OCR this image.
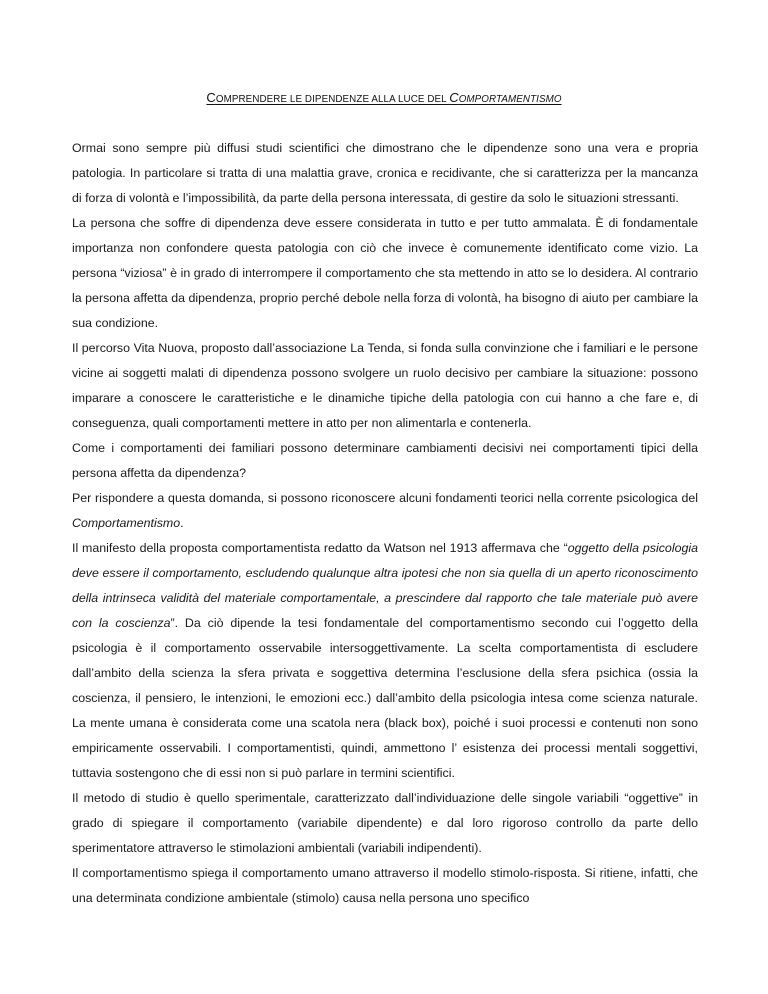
COMPRENDERE LE DIPENDENZE ALLA LUCE DEL COMPORTAMENTISMO

Ormai sono sempre più diffusi studi scientifici che dimostrano che le dipendenze sono una vera e propria patologia. In particolare si tratta di una malattia grave, cronica e recidivante, che si caratterizza per la mancanza di forza di volontà e l’impossibilità, da parte della persona interessata, di gestire da solo le situazioni stressanti.

La persona che soffre di dipendenza deve essere considerata in tutto e per tutto ammalata. È di fondamentale importanza non confondere questa patologia con ciò che invece è comunemente identificato come vizio. La persona “viziosa” è in grado di interrompere il comportamento che sta mettendo in atto se lo desidera. Al contrario la persona affetta da dipendenza, proprio perché debole nella forza di volontà, ha bisogno di aiuto per cambiare la sua condizione.

Il percorso Vita Nuova, proposto dall’associazione La Tenda, si fonda sulla convinzione che i familiari e le persone vicine ai soggetti malati di dipendenza possono svolgere un ruolo decisivo per cambiare la situazione: possono imparare a conoscere le caratteristiche e le dinamiche tipiche della patologia con cui hanno a che fare e, di conseguenza, quali comportamenti mettere in atto per non alimentarla e contenerla.

Come i comportamenti dei familiari possono determinare cambiamenti decisivi nei comportamenti tipici della persona affetta da dipendenza?

Per rispondere a questa domanda, si possono riconoscere alcuni fondamenti teorici nella corrente psicologica del Comportamentismo.

Il manifesto della proposta comportamentista redatto da Watson nel 1913 affermava che “oggetto della psicologia deve essere il comportamento, escludendo qualunque altra ipotesi che non sia quella di un aperto riconoscimento della intrinseca validità del materiale comportamentale, a prescindere dal rapporto che tale materiale può avere con la coscienza”. Da ciò dipende la tesi fondamentale del comportamentismo secondo cui l’oggetto della psicologia è il comportamento osservabile intersoggettivamente. La scelta comportamentista di escludere dall’ambito della scienza la sfera privata e soggettiva determina l’esclusione della sfera psichica (ossia la coscienza, il pensiero, le intenzioni, le emozioni ecc.) dall’ambito della psicologia intesa come scienza naturale. La mente umana è considerata come una scatola nera (black box), poiché i suoi processi e contenuti non sono empiricamente osservabili. I comportamentisti, quindi, ammettono l’ esistenza dei processi mentali soggettivi, tuttavia sostengono che di essi non si può parlare in termini scientifici.

Il metodo di studio è quello sperimentale, caratterizzato dall’individuazione delle singole variabili “oggettive” in grado di spiegare il comportamento (variabile dipendente) e dal loro rigoroso controllo da parte dello sperimentatore attraverso le stimolazioni ambientali (variabili indipendenti).

Il comportamentismo spiega il comportamento umano attraverso il modello stimolo-risposta. Si ritiene, infatti, che una determinata condizione ambientale (stimolo) causa nella persona uno specifico
